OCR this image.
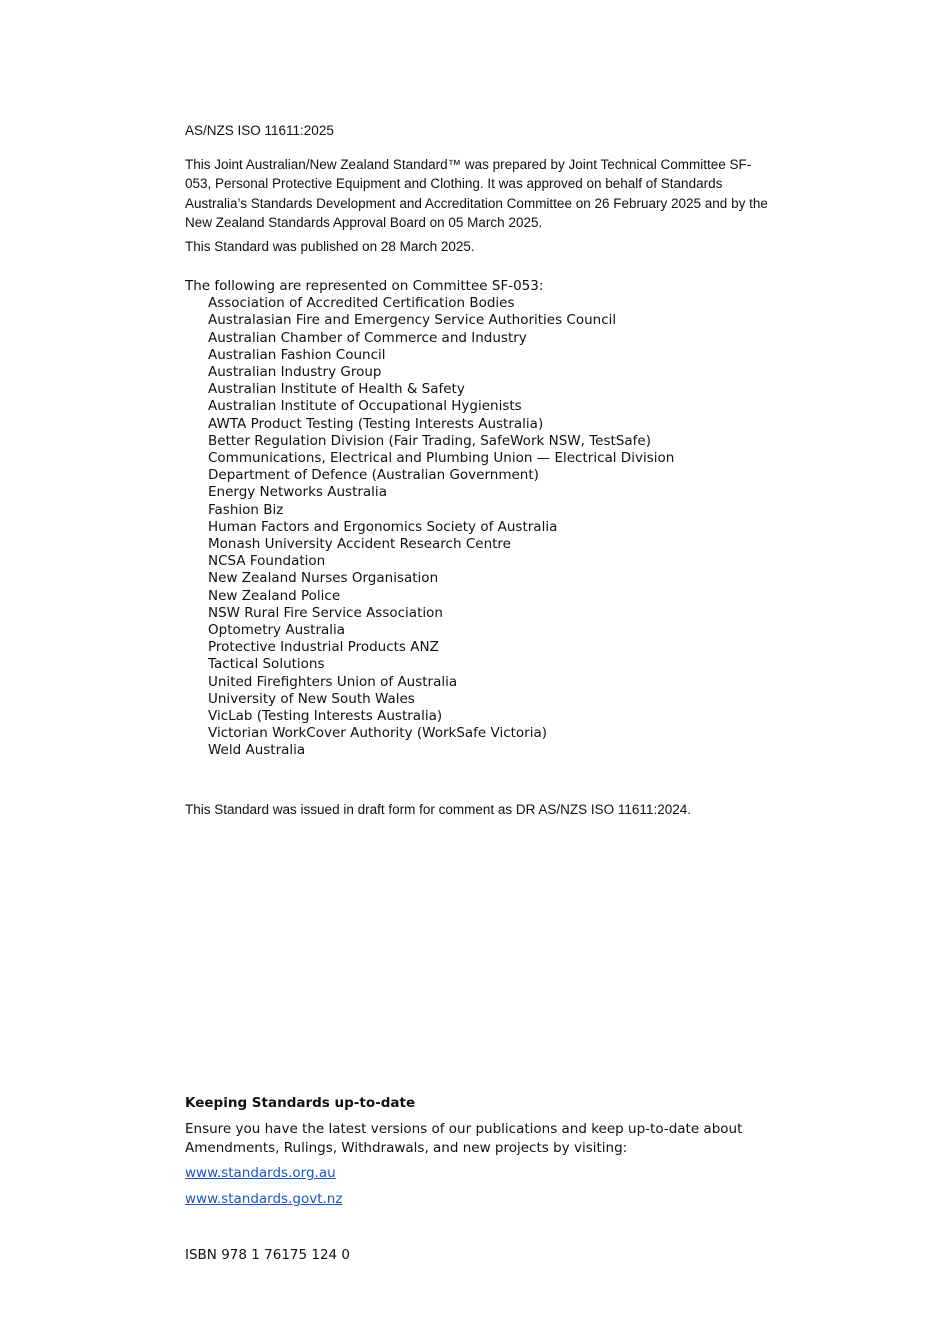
AS/NZS ISO 11611:2025

This Joint Australian/New Zealand Standard™ was prepared by Joint Technical Committee SF-053, Personal Protective Equipment and Clothing. It was approved on behalf of Standards Australia’s Standards Development and Accreditation Committee on 26 February 2025 and by the New Zealand Standards Approval Board on 05 March 2025.

This Standard was published on 28 March 2025.

The following are represented on Committee SF-053:

Association of Accredited Certification Bodies
Australasian Fire and Emergency Service Authorities Council
Australian Chamber of Commerce and Industry
Australian Fashion Council
Australian Industry Group
Australian Institute of Health & Safety
Australian Institute of Occupational Hygienists
AWTA Product Testing (Testing Interests Australia)
Better Regulation Division (Fair Trading, SafeWork NSW, TestSafe)
Communications, Electrical and Plumbing Union — Electrical Division
Department of Defence (Australian Government)
Energy Networks Australia
Fashion Biz
Human Factors and Ergonomics Society of Australia
Monash University Accident Research Centre
NCSA Foundation
New Zealand Nurses Organisation
New Zealand Police
NSW Rural Fire Service Association
Optometry Australia
Protective Industrial Products ANZ
Tactical Solutions
United Firefighters Union of Australia
University of New South Wales
VicLab (Testing Interests Australia)
Victorian WorkCover Authority (WorkSafe Victoria)
Weld Australia

This Standard was issued in draft form for comment as DR AS/NZS ISO 11611:2024.

Keeping Standards up-to-date

Ensure you have the latest versions of our publications and keep up-to-date about Amendments, Rulings, Withdrawals, and new projects by visiting:

www.standards.org.au
www.standards.govt.nz

ISBN 978 1 76175 124 0
